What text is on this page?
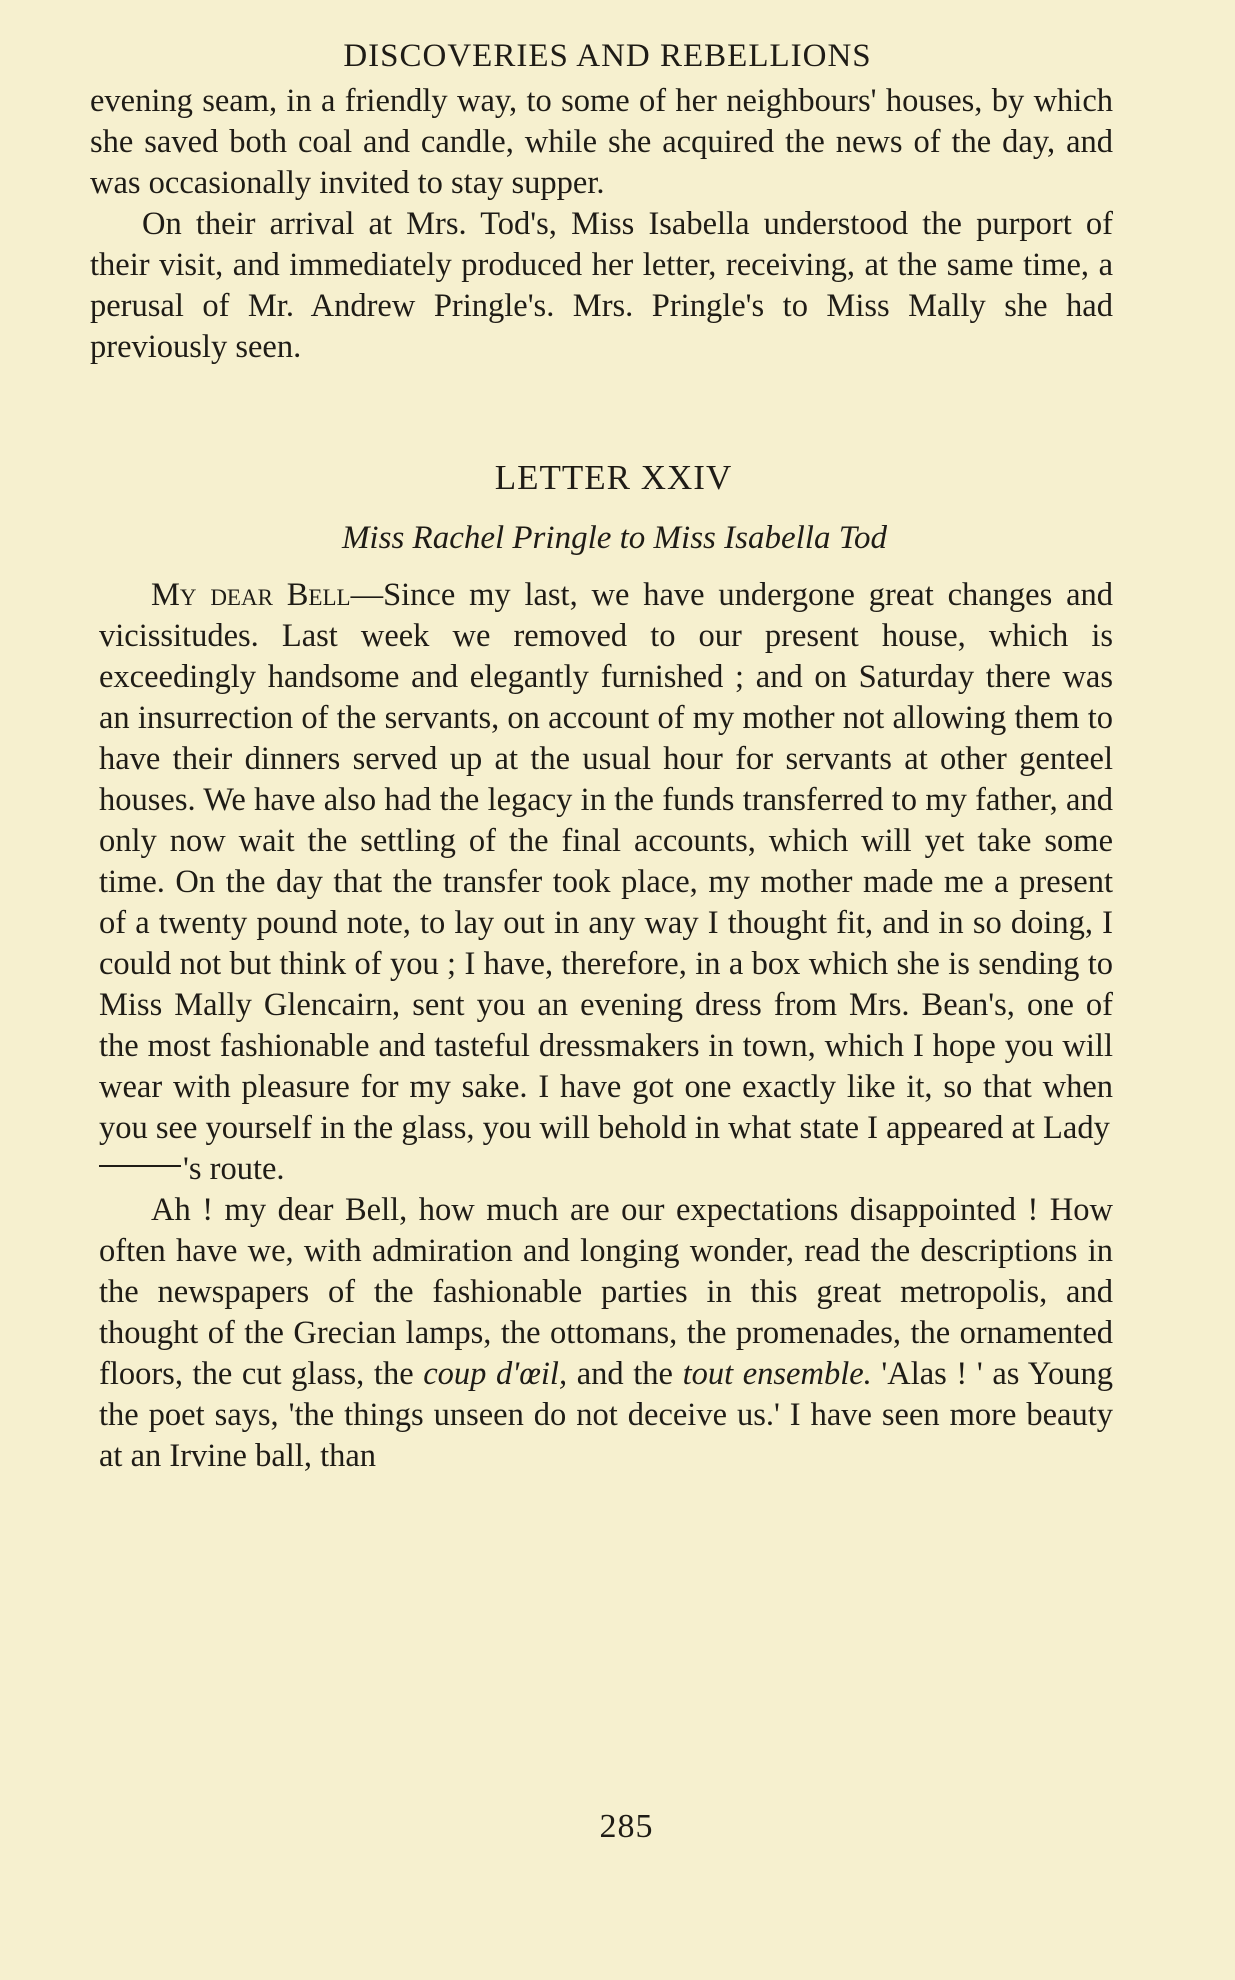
DISCOVERIES AND REBELLIONS

evening seam, in a friendly way, to some of her neighbours' houses, by which she saved both coal and candle, while she acquired the news of the day, and was occasionally invited to stay supper.

On their arrival at Mrs. Tod's, Miss Isabella understood the purport of their visit, and immediately produced her letter, receiving, at the same time, a perusal of Mr. Andrew Pringle's. Mrs. Pringle's to Miss Mally she had previously seen.

LETTER XXIV
Miss Rachel Pringle to Miss Isabella Tod

My dear Bell—Since my last, we have undergone great changes and vicissitudes. Last week we removed to our present house, which is exceedingly handsome and elegantly furnished ; and on Saturday there was an insurrection of the servants, on account of my mother not allowing them to have their dinners served up at the usual hour for servants at other genteel houses. We have also had the legacy in the funds transferred to my father, and only now wait the settling of the final accounts, which will yet take some time. On the day that the transfer took place, my mother made me a present of a twenty pound note, to lay out in any way I thought fit, and in so doing, I could not but think of you ; I have, therefore, in a box which she is sending to Miss Mally Glencairn, sent you an evening dress from Mrs. Bean's, one of the most fashionable and tasteful dressmakers in town, which I hope you will wear with pleasure for my sake. I have got one exactly like it, so that when you see yourself in the glass, you will behold in what state I appeared at Lady
's route.

Ah ! my dear Bell, how much are our expectations disappointed ! How often have we, with admiration and longing wonder, read the descriptions in the newspapers of the fashionable parties in this great metropolis, and thought of the Grecian lamps, the ottomans, the promenades, the ornamented floors, the cut glass, the coup d'œil, and the tout ensemble. 'Alas ! ' as Young the poet says, 'the things unseen do not deceive us.' I have seen more beauty at an Irvine ball, than

285
